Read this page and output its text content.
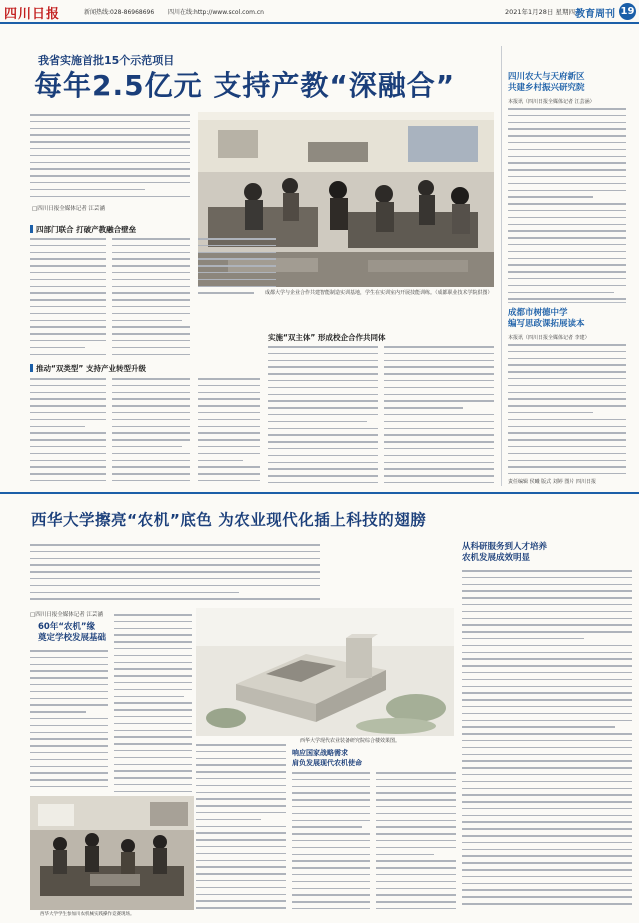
四川日报	新闻热线:028-86968696 四川在线:http://www.scol.com.cn	2021年1月28日 星期四 教育周刊 19
我省实施首批15个示范项目
每年2.5亿元 支持产教“深融合”
□四川日报全媒体记者 江芸涵
成都大学与企业合作共建智能制造实训基地，学生在实训室内开展技能训练。（成都职业技术学院供图）
四部门联合 打破产教融合壁垒
推动“双类型” 支持产业转型升级
实施“双主体” 形成校企合作共同体
四川农大与天府新区
共建乡村振兴研究院
本报讯（四川日报全媒体记者 江芸涵）
成都市树德中学
编写思政课拓展读本
本报讯（四川日报全媒体记者 李建）
责任编辑 侯曦 版式 刘婷 图片 四川日报
西华大学擦亮“农机”底色 为农业现代化插上科技的翅膀
□四川日报全媒体记者 江芸涵
从科研服务到人才培养
农机发展成效明显
西华大学现代农业装备研究院综合楼效果图。
60年“农机”缘
奠定学校发展基础
响应国家战略需求
肩负发展现代农机使命
西华大学学生参加川农机械实践操作竞赛现场。
